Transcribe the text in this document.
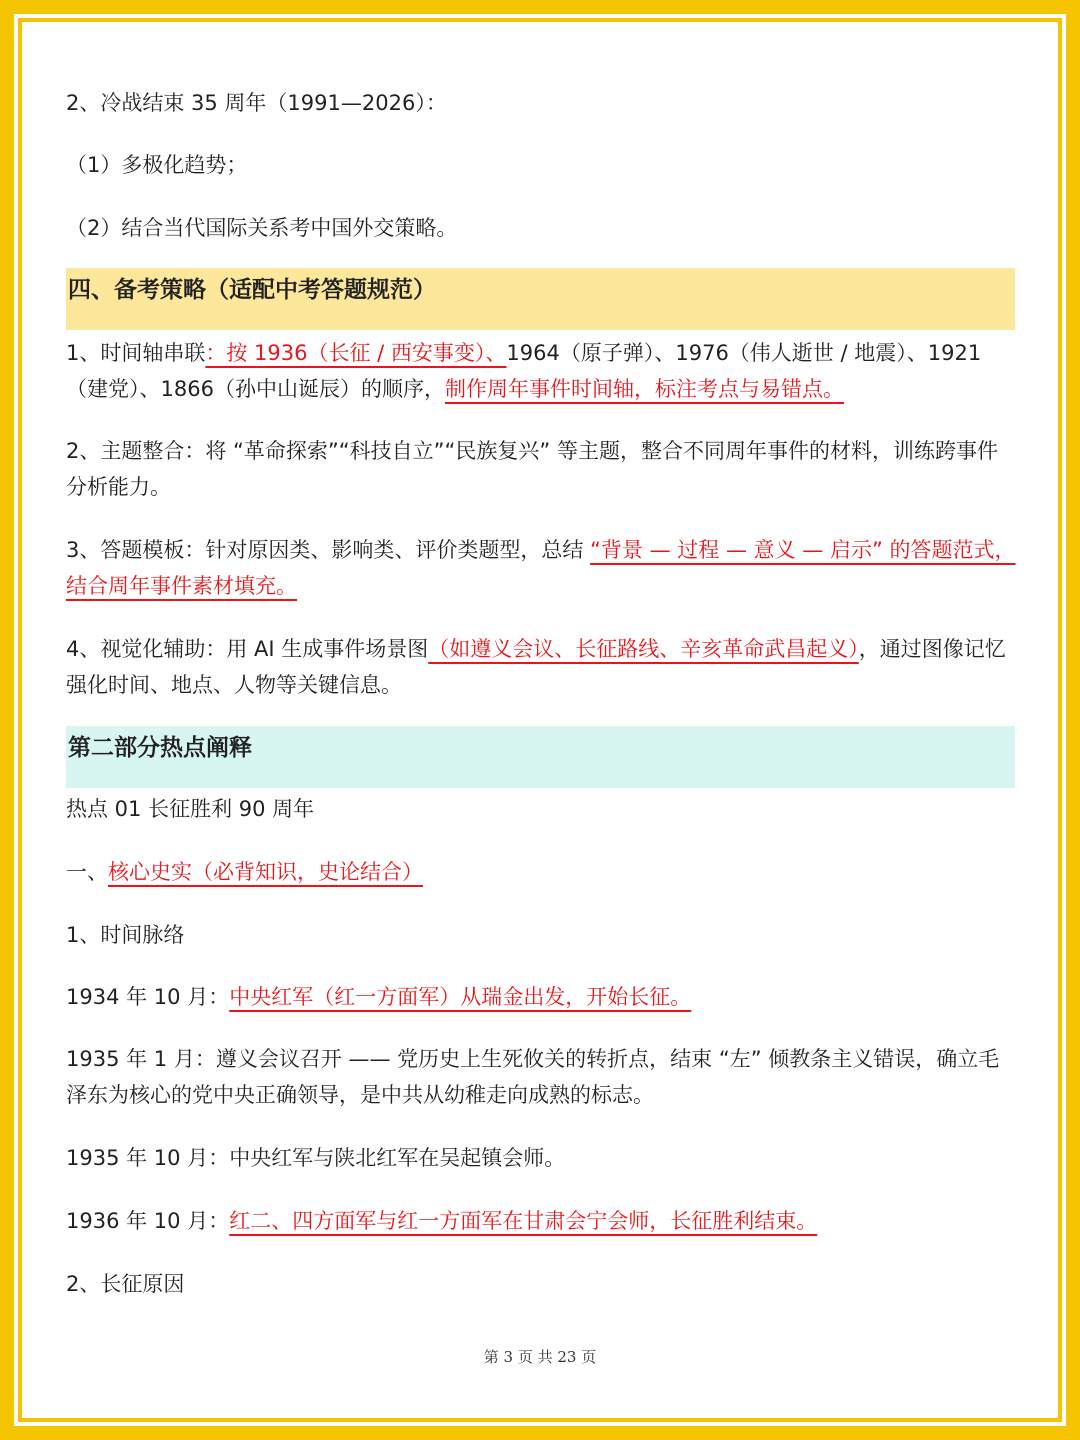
2、冷战结束 35 周年（1991—2026）：
（1）多极化趋势；
（2）结合当代国际关系考中国外交策略。
1、时间轴串联：按 1936（长征 / 西安事变）、1964（原子弹）、1976（伟人逝世 / 地震）、1921（建党）、1866（孙中山诞辰）的顺序，制作周年事件时间轴，标注考点与易错点。
2、主题整合：将 “革命探索”“科技自立”“民族复兴” 等主题，整合不同周年事件的材料，训练跨事件分析能力。
3、答题模板：针对原因类、影响类、评价类题型，总结 “背景 — 过程 — 意义 — 启示” 的答题范式，结合周年事件素材填充。
4、视觉化辅助：用 AI 生成事件场景图（如遵义会议、长征路线、辛亥革命武昌起义），通过图像记忆强化时间、地点、人物等关键信息。
热点 01 长征胜利 90 周年
一、核心史实（必背知识，史论结合）
1、时间脉络
1934 年 10 月：中央红军（红一方面军）从瑞金出发，开始长征。
1935 年 1 月：遵义会议召开 —— 党历史上生死攸关的转折点，结束 “左” 倾教条主义错误，确立毛泽东为核心的党中央正确领导，是中共从幼稚走向成熟的标志。
1935 年 10 月：中央红军与陕北红军在吴起镇会师。
1936 年 10 月：红二、四方面军与红一方面军在甘肃会宁会师，长征胜利结束。
2、长征原因
四、备考策略（适配中考答题规范）
第二部分热点阐释
第 3 页 共 23 页
